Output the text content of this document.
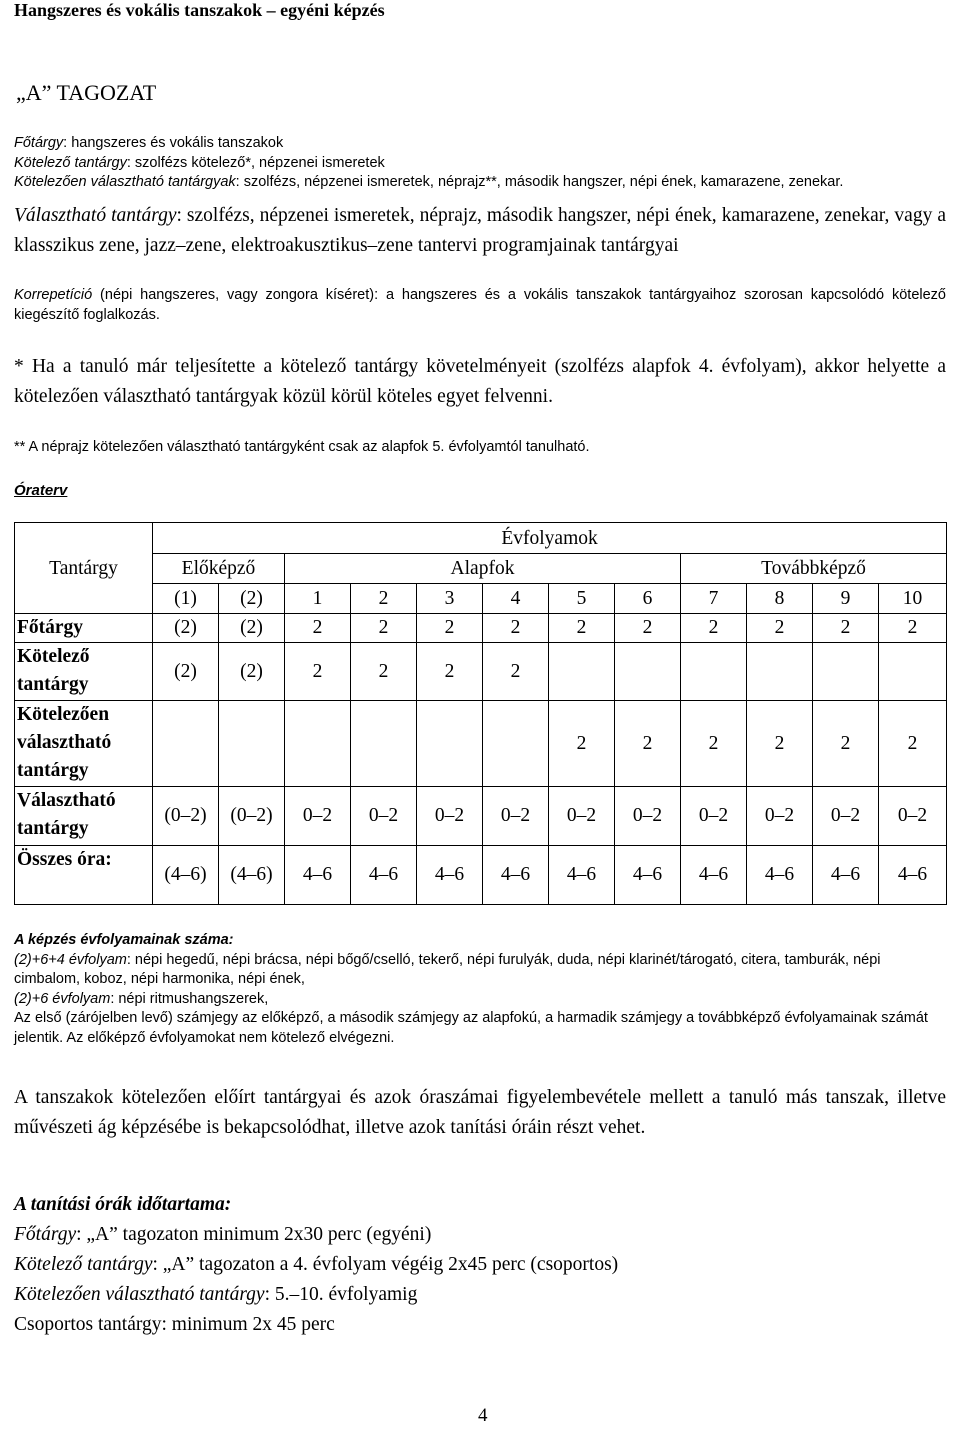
Hangszeres és vokális tanszakok – egyéni képzés
„A” TAGOZAT
Főtárgy: hangszeres és vokális tanszakok
Kötelező tantárgy: szolfézs kötelező*, népzenei ismeretek
Kötelezően választható tantárgyak: szolfézs, népzenei ismeretek, néprajz**, második hangszer, népi ének, kamarazene, zenekar.
Választható tantárgy: szolfézs, népzenei ismeretek, néprajz, második hangszer, népi ének, kamarazene, zenekar, vagy a klasszikus zene, jazz–zene, elektroakusztikus–zene tantervi programjainak tantárgyai
Korrepetíció (népi hangszeres, vagy zongora kíséret): a hangszeres és a vokális tanszakok tantárgyaihoz szorosan kapcsolódó kötelező kiegészítő foglalkozás.
* Ha a tanuló már teljesítette a kötelező tantárgy követelményeit (szolfézs alapfok 4. évfolyam), akkor helyette a kötelezően választható tantárgyak közül körül köteles egyet felvenni.
** A néprajz kötelezően választható tantárgyként csak az alapfok 5. évfolyamtól tanulható.
Óraterv
	Évfolyamok											
Tantárgy	Előképző		Alapfok						Továbbképző			
	(1)	(2)	1	2	3	4	5	6	7	8	9	10
Főtárgy	(2)	(2)	2	2	2	2	2	2	2	2	2	2
Kötelező tantárgy	(2)	(2)	2	2	2	2						
Kötelezően választható tantárgy							2	2	2	2	2	2
Választható tantárgy	(0–2)	(0–2)	0–2	0–2	0–2	0–2	0–2	0–2	0–2	0–2	0–2	0–2
Összes óra:	(4–6)	(4–6)	4–6	4–6	4–6	4–6	4–6	4–6	4–6	4–6	4–6	4–6

A képzés évfolyamainak száma:

(2)+6+4 évfolyam: népi hegedű, népi brácsa, népi bőgő/cselló, tekerő, népi furulyák, duda, népi klarinét/tárogató, citera, tamburák, népi cimbalom, koboz, népi harmonika, népi ének,

(2)+6 évfolyam: népi ritmushangszerek,

Az első (zárójelben levő) számjegy az előképző, a második számjegy az alapfokú, a harmadik számjegy a továbbképző évfolyamainak számát jelentik. Az előképző évfolyamokat nem kötelező elvégezni.

A tanszakok kötelezően előírt tantárgyai és azok óraszámai figyelembevétele mellett a tanuló más tanszak, illetve művészeti ág képzésébe is bekapcsolódhat, illetve azok tanítási óráin részt vehet.
A tanítási órák időtartama:
Főtárgy: „A” tagozaton minimum 2x30 perc (egyéni)
Kötelező tantárgy: „A” tagozaton a 4. évfolyam végéig 2x45 perc (csoportos)
Kötelezően választható tantárgy: 5.–10. évfolyamig
Csoportos tantárgy: minimum 2x 45 perc
4
